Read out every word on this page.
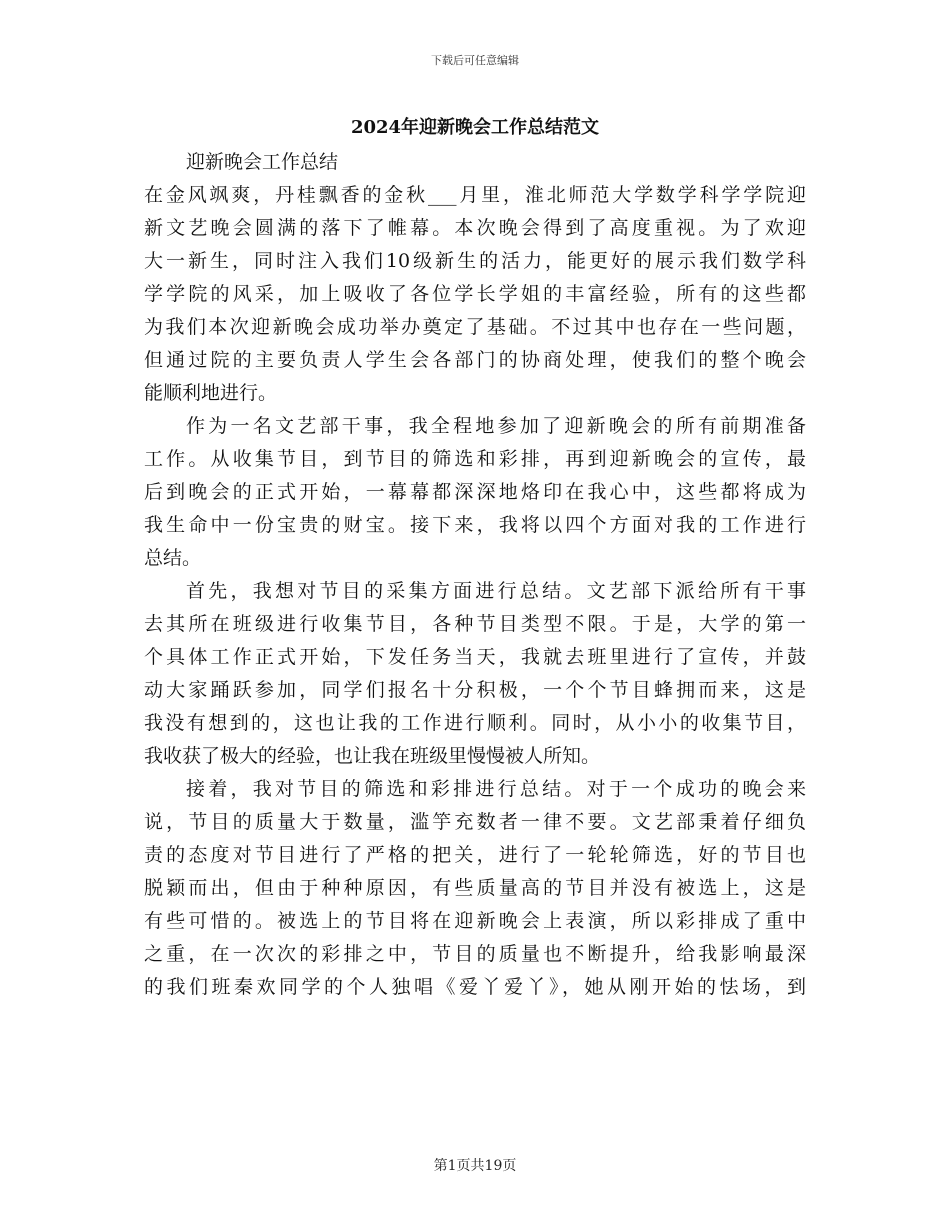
下载后可任意编辑
2024年迎新晚会工作总结范文
迎新晚会工作总结
在金风飒爽，丹桂飘香的金秋___月里，淮北师范大学数学科学学院迎
新文艺晚会圆满的落下了帷幕。本次晚会得到了高度重视。为了欢迎
大一新生，同时注入我们10级新生的活力，能更好的展示我们数学科
学学院的风采，加上吸收了各位学长学姐的丰富经验，所有的这些都
为我们本次迎新晚会成功举办奠定了基础。不过其中也存在一些问题，
但通过院的主要负责人学生会各部门的协商处理，使我们的整个晚会
能顺利地进行。
作为一名文艺部干事，我全程地参加了迎新晚会的所有前期准备
工作。从收集节目，到节目的筛选和彩排，再到迎新晚会的宣传，最
后到晚会的正式开始，一幕幕都深深地烙印在我心中，这些都将成为
我生命中一份宝贵的财宝。接下来，我将以四个方面对我的工作进行
总结。
首先，我想对节目的采集方面进行总结。文艺部下派给所有干事
去其所在班级进行收集节目，各种节目类型不限。于是，大学的第一
个具体工作正式开始，下发任务当天，我就去班里进行了宣传，并鼓
动大家踊跃参加，同学们报名十分积极，一个个节目蜂拥而来，这是
我没有想到的，这也让我的工作进行顺利。同时，从小小的收集节目，
我收获了极大的经验，也让我在班级里慢慢被人所知。
接着，我对节目的筛选和彩排进行总结。对于一个成功的晚会来
说，节目的质量大于数量，滥竽充数者一律不要。文艺部秉着仔细负
责的态度对节目进行了严格的把关，进行了一轮轮筛选，好的节目也
脱颖而出，但由于种种原因，有些质量高的节目并没有被选上，这是
有些可惜的。被选上的节目将在迎新晚会上表演，所以彩排成了重中
之重，在一次次的彩排之中，节目的质量也不断提升，给我影响最深
的我们班秦欢同学的个人独唱《爱丫爱丫》，她从刚开始的怯场，到
第1页共19页
